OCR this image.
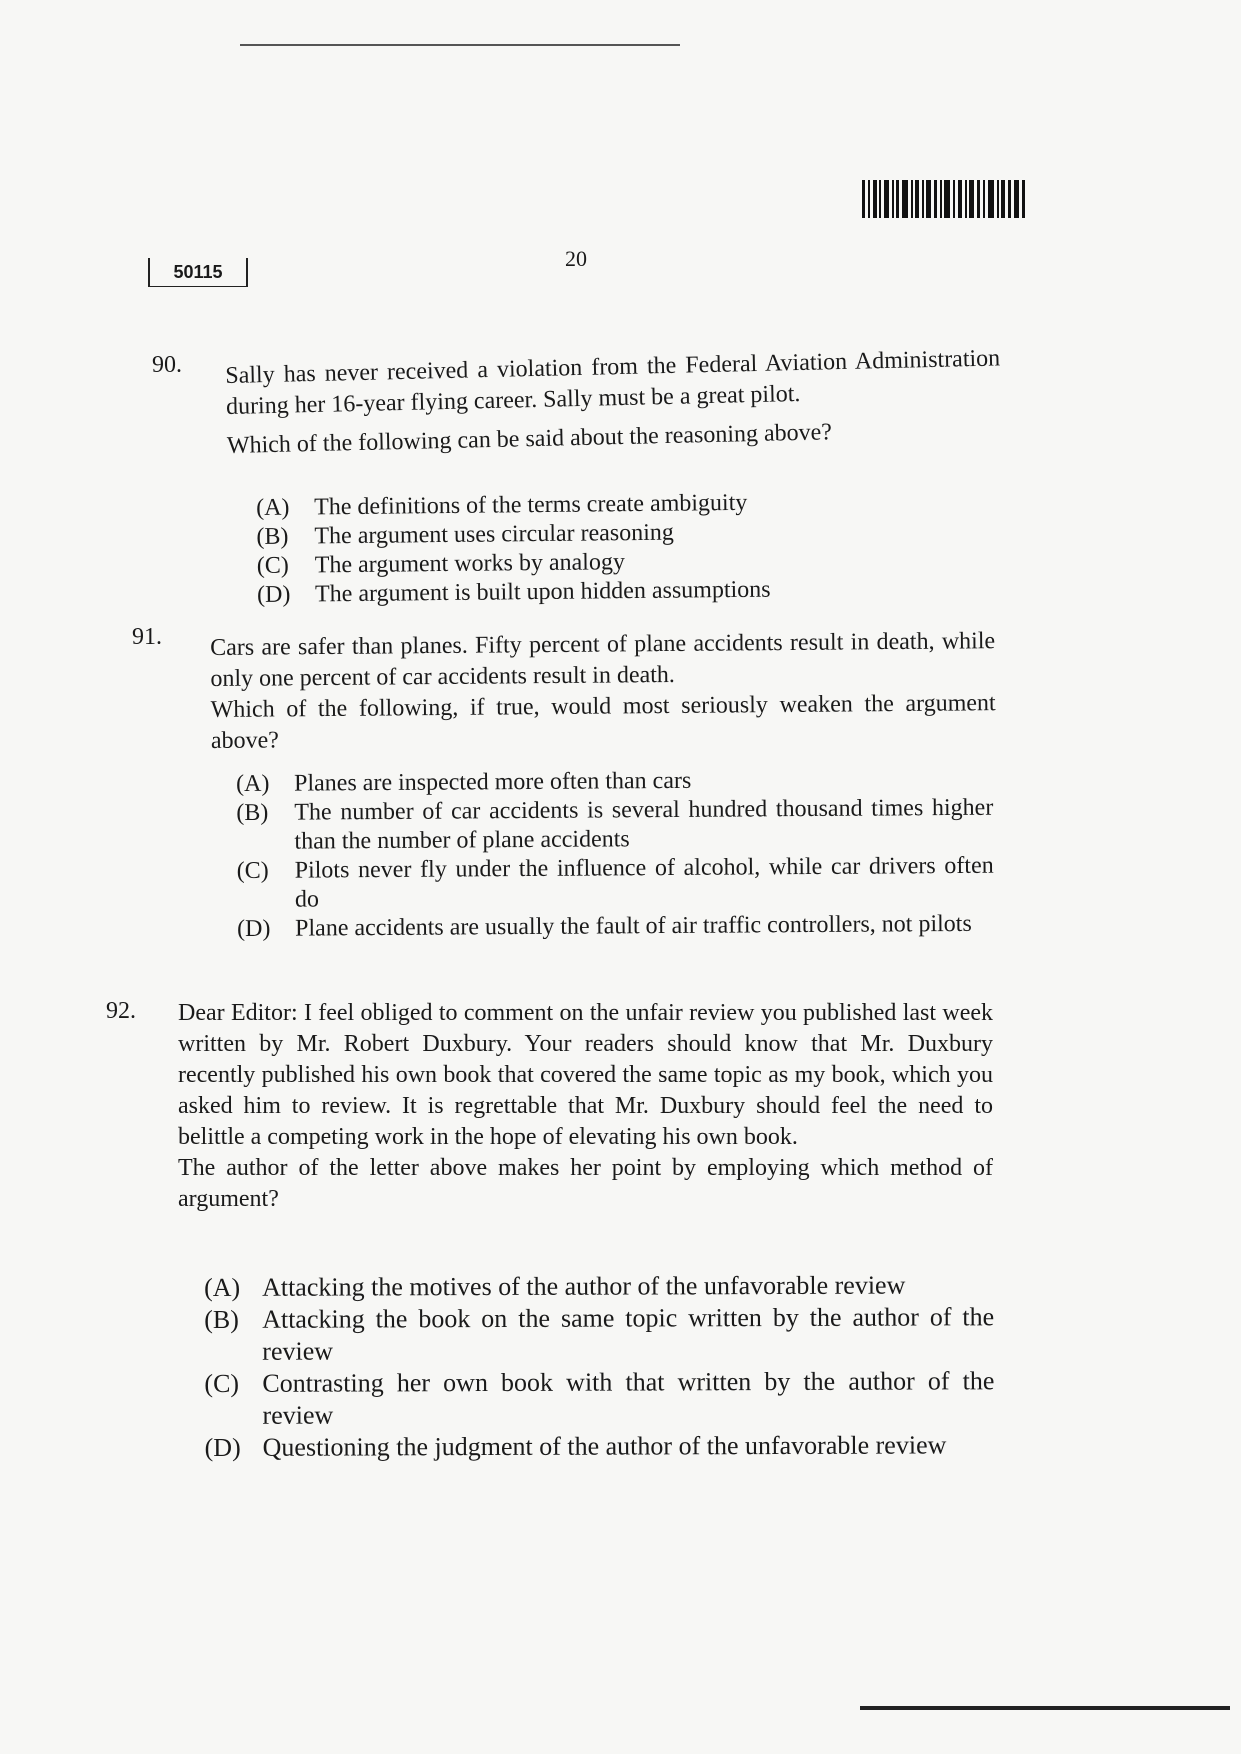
50115
20
90. Sally has never received a violation from the Federal Aviation Administration during her 16-year flying career. Sally must be a great pilot.

Which of the following can be said about the reasoning above?

(A)	The definitions of the terms create ambiguity
(B)	The argument uses circular reasoning
(C)	The argument works by analogy
(D)	The argument is built upon hidden assumptions
91. Cars are safer than planes. Fifty percent of plane accidents result in death, while only one percent of car accidents result in death.

Which of the following, if true, would most seriously weaken the argument above?

(A)	Planes are inspected more often than cars
(B)	The number of car accidents is several hundred thousand times higher than the number of plane accidents
(C)	Pilots never fly under the influence of alcohol, while car drivers often do
(D)	Plane accidents are usually the fault of air traffic controllers, not pilots
92. Dear Editor: I feel obliged to comment on the unfair review you published last week written by Mr. Robert Duxbury. Your readers should know that Mr. Duxbury recently published his own book that covered the same topic as my book, which you asked him to review. It is regrettable that Mr. Duxbury should feel the need to belittle a competing work in the hope of elevating his own book.

The author of the letter above makes her point by employing which method of argument?

(A) Attacking the motives of the author of the unfavorable review
(B) Attacking the book on the same topic written by the author of the review
(C) Contrasting her own book with that written by the author of the review
(D) Questioning the judgment of the author of the unfavorable review
